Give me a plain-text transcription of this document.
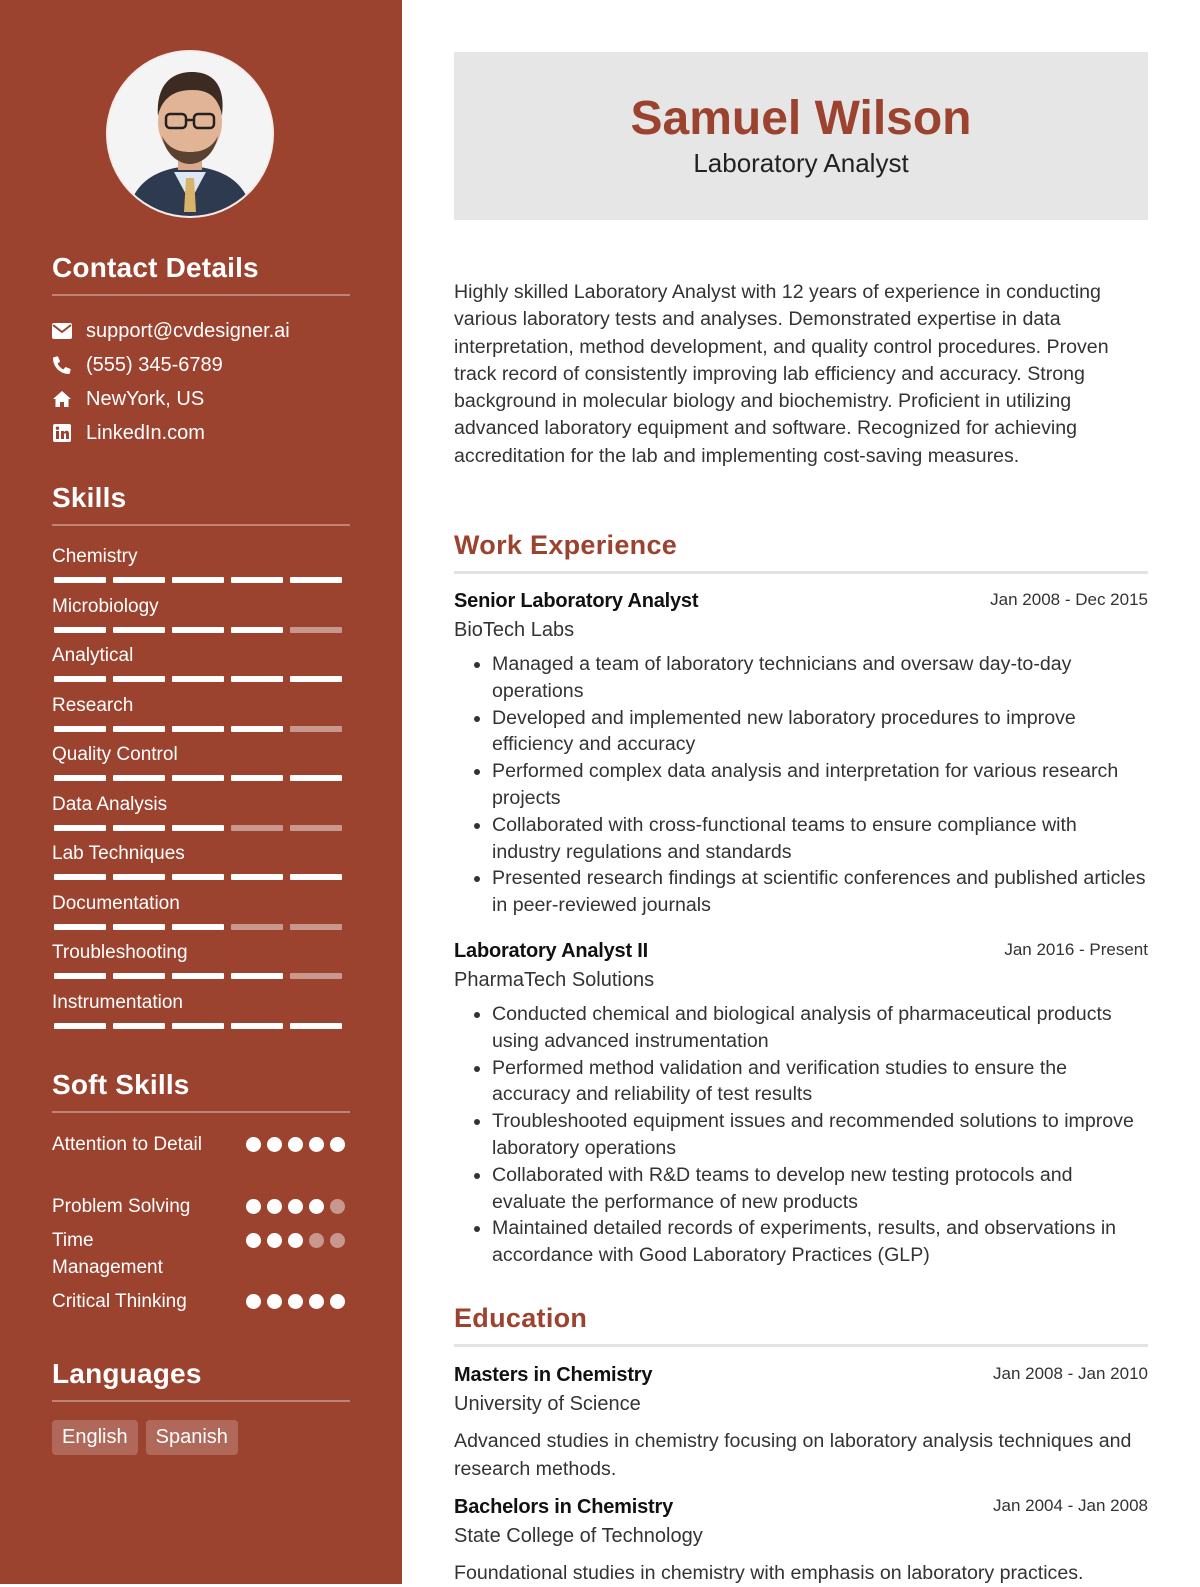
Contact Details
support@cvdesigner.ai
(555) 345-6789
NewYork, US
LinkedIn.com
Skills
Chemistry
Microbiology
Analytical
Research
Quality Control
Data Analysis
Lab Techniques
Documentation
Troubleshooting
Instrumentation
Soft Skills
Attention to Detail
Problem Solving
Time Management
Critical Thinking
Languages
English	Spanish
Samuel Wilson
Laboratory Analyst
Highly skilled Laboratory Analyst with 12 years of experience in conducting various laboratory tests and analyses. Demonstrated expertise in data interpretation, method development, and quality control procedures. Proven track record of consistently improving lab efficiency and accuracy. Strong background in molecular biology and biochemistry. Proficient in utilizing advanced laboratory equipment and software. Recognized for achieving accreditation for the lab and implementing cost-saving measures.
Work Experience
Senior Laboratory Analyst	Jan 2008 - Dec 2015
BioTech Labs
• Managed a team of laboratory technicians and oversaw day-to-day operations
• Developed and implemented new laboratory procedures to improve efficiency and accuracy
• Performed complex data analysis and interpretation for various research projects
• Collaborated with cross-functional teams to ensure compliance with industry regulations and standards
• Presented research findings at scientific conferences and published articles in peer-reviewed journals
Laboratory Analyst II	Jan 2016 - Present
PharmaTech Solutions
• Conducted chemical and biological analysis of pharmaceutical products using advanced instrumentation
• Performed method validation and verification studies to ensure the accuracy and reliability of test results
• Troubleshooted equipment issues and recommended solutions to improve laboratory operations
• Collaborated with R&D teams to develop new testing protocols and evaluate the performance of new products
• Maintained detailed records of experiments, results, and observations in accordance with Good Laboratory Practices (GLP)
Education
Masters in Chemistry	Jan 2008 - Jan 2010
University of Science
Advanced studies in chemistry focusing on laboratory analysis techniques and research methods.
Bachelors in Chemistry	Jan 2004 - Jan 2008
State College of Technology
Foundational studies in chemistry with emphasis on laboratory practices.
